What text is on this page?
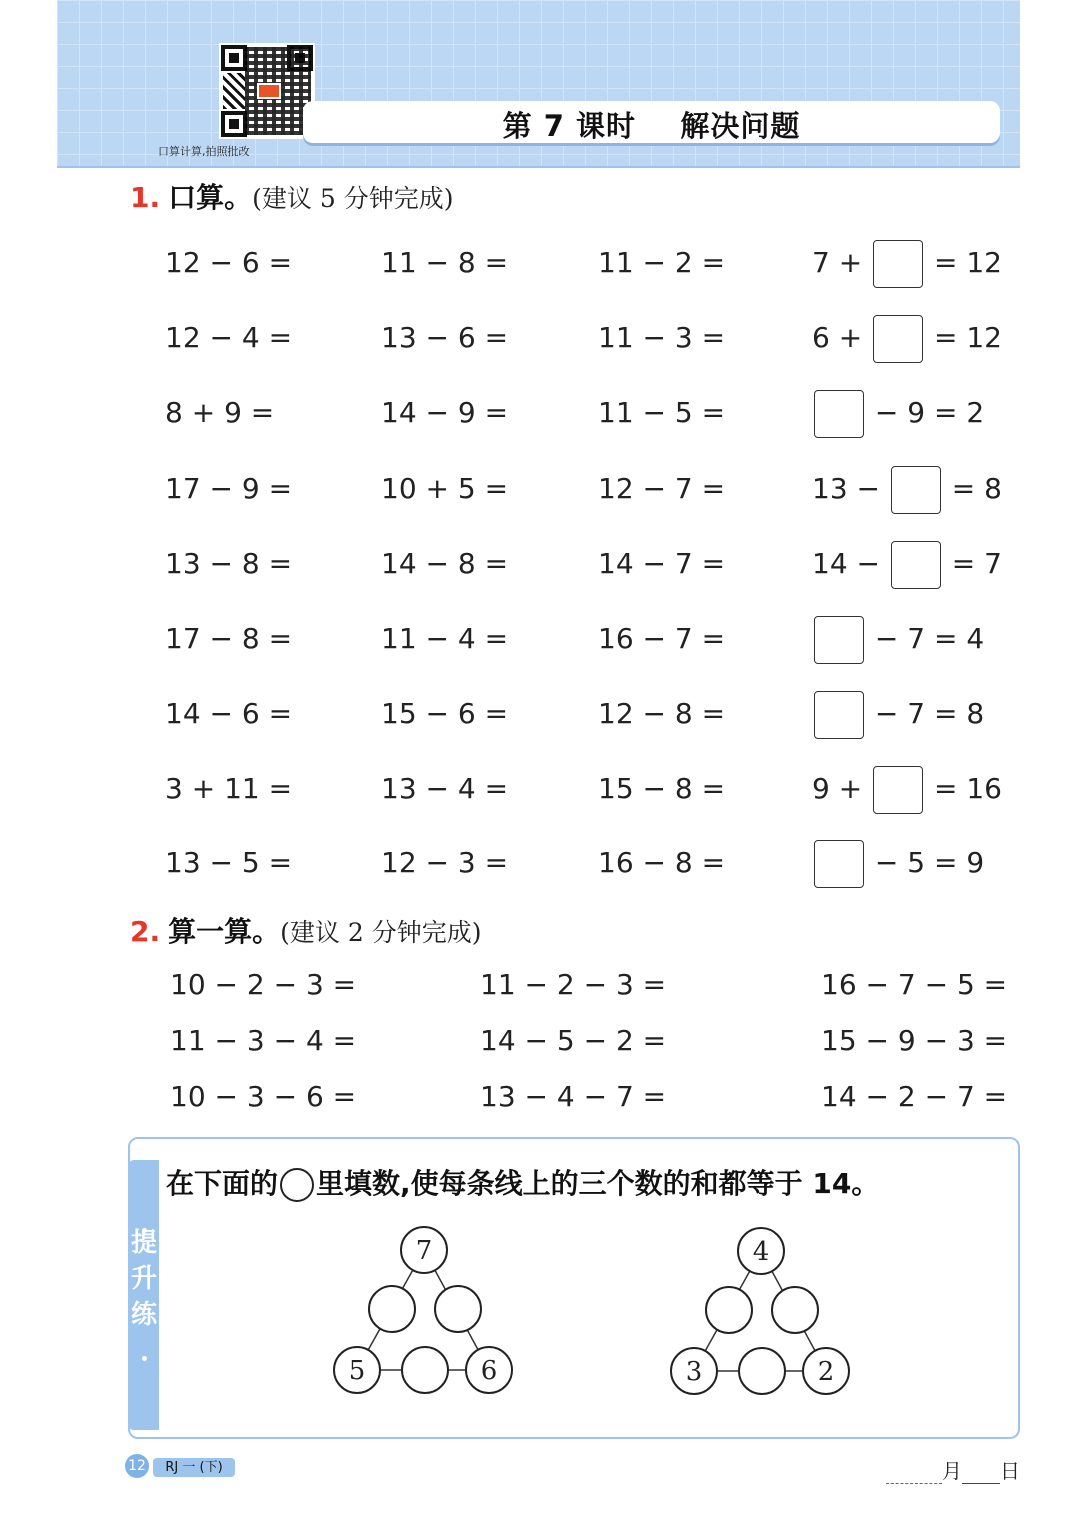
口算计算,拍照批改
第 7 课时    解决问题
1. 口算。(建议 5 分钟完成)
12 − 6 =	11 − 8 =	11 − 2 =	7 +  = 12
12 − 4 =	13 − 6 =	11 − 3 =	6 +  = 12
8 + 9 =	14 − 9 =	11 − 5 =	− 9 = 2
17 − 9 =	10 + 5 =	12 − 7 =	13 −  = 8
13 − 8 =	14 − 8 =	14 − 7 =	14 −  = 7
17 − 8 =	11 − 4 =	16 − 7 =	− 7 = 4
14 − 6 =	15 − 6 =	12 − 8 =	− 7 = 8
3 + 11 =	13 − 4 =	15 − 8 =	9 +  = 16
13 − 5 =	12 − 3 =	16 − 8 =	− 5 = 9
2. 算一算。(建议 2 分钟完成)
10 − 2 − 3 =	11 − 2 − 3 =	16 − 7 − 5 =
11 − 3 − 4 =	14 − 5 − 2 =	15 − 9 − 3 =
10 − 3 − 6 =	13 − 4 − 7 =	14 − 2 − 7 =
提
升
练
在下面的 里填数,使每条线上的三个数的和都等于 14。
7
5	6
4
3	2
12	RJ 一 (下)	月 日
